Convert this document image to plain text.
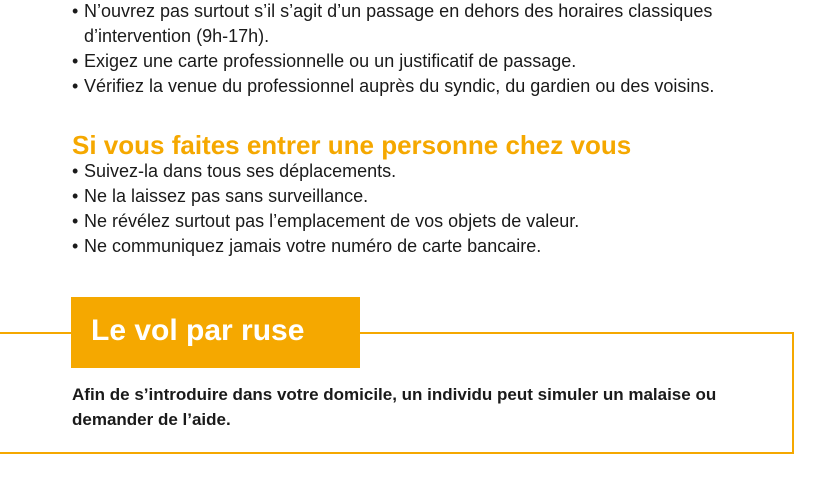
• N’ouvrez pas surtout s’il s’agit d’un passage en dehors des horaires classiques d’intervention (9h-17h).
• Exigez une carte professionnelle ou un justificatif de passage.
• Vérifiez la venue du professionnel auprès du syndic, du gardien ou des voisins.
Si vous faites entrer une personne chez vous
• Suivez-la dans tous ses déplacements.
• Ne la laissez pas sans surveillance.
• Ne révélez surtout pas l’emplacement de vos objets de valeur.
• Ne communiquez jamais votre numéro de carte bancaire.
Le vol par ruse

Afin de s’introduire dans votre domicile, un individu peut simuler un malaise ou demander de l’aide.
